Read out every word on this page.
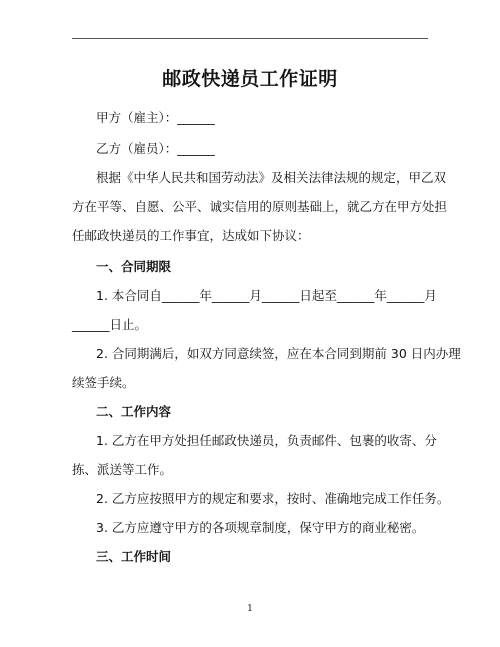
邮政快递员工作证明
甲方（雇主）：______
乙方（雇员）：______
根据《中华人民共和国劳动法》及相关法律法规的规定，甲乙双
方在平等、自愿、公平、诚实信用的原则基础上，就乙方在甲方处担
任邮政快递员的工作事宜，达成如下协议：
一、合同期限
1. 本合同自______年______月______日起至______年______月
______日止。
2. 合同期满后，如双方同意续签，应在本合同到期前 30 日内办理
续签手续。
二、工作内容
1. 乙方在甲方处担任邮政快递员，负责邮件、包裹的收寄、分
拣、派送等工作。
2. 乙方应按照甲方的规定和要求，按时、准确地完成工作任务。
3. 乙方应遵守甲方的各项规章制度，保守甲方的商业秘密。
三、工作时间
1
